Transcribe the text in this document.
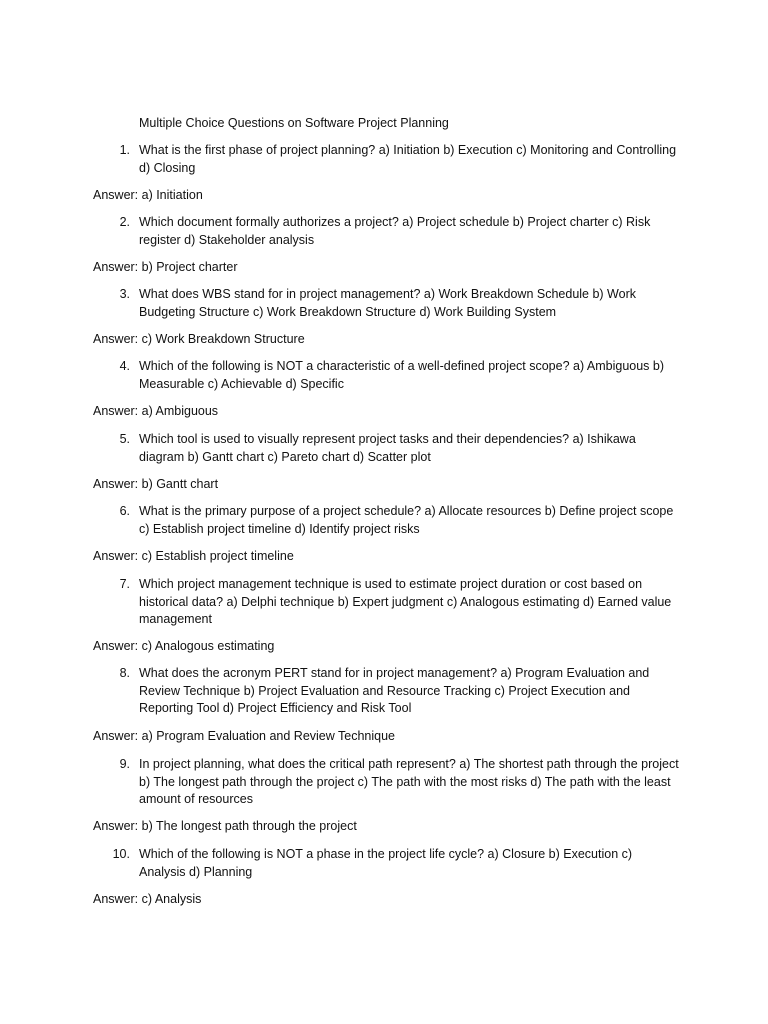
Multiple Choice Questions on Software Project Planning
1. What is the first phase of project planning? a) Initiation b) Execution c) Monitoring and Controlling d) Closing
Answer: a) Initiation
2. Which document formally authorizes a project? a) Project schedule b) Project charter c) Risk register d) Stakeholder analysis
Answer: b) Project charter
3. What does WBS stand for in project management? a) Work Breakdown Schedule b) Work Budgeting Structure c) Work Breakdown Structure d) Work Building System
Answer: c) Work Breakdown Structure
4. Which of the following is NOT a characteristic of a well-defined project scope? a) Ambiguous b) Measurable c) Achievable d) Specific
Answer: a) Ambiguous
5. Which tool is used to visually represent project tasks and their dependencies? a) Ishikawa diagram b) Gantt chart c) Pareto chart d) Scatter plot
Answer: b) Gantt chart
6. What is the primary purpose of a project schedule? a) Allocate resources b) Define project scope c) Establish project timeline d) Identify project risks
Answer: c) Establish project timeline
7. Which project management technique is used to estimate project duration or cost based on historical data? a) Delphi technique b) Expert judgment c) Analogous estimating d) Earned value management
Answer: c) Analogous estimating
8. What does the acronym PERT stand for in project management? a) Program Evaluation and Review Technique b) Project Evaluation and Resource Tracking c) Project Execution and Reporting Tool d) Project Efficiency and Risk Tool
Answer: a) Program Evaluation and Review Technique
9. In project planning, what does the critical path represent? a) The shortest path through the project b) The longest path through the project c) The path with the most risks d) The path with the least amount of resources
Answer: b) The longest path through the project
10. Which of the following is NOT a phase in the project life cycle? a) Closure b) Execution c) Analysis d) Planning
Answer: c) Analysis
